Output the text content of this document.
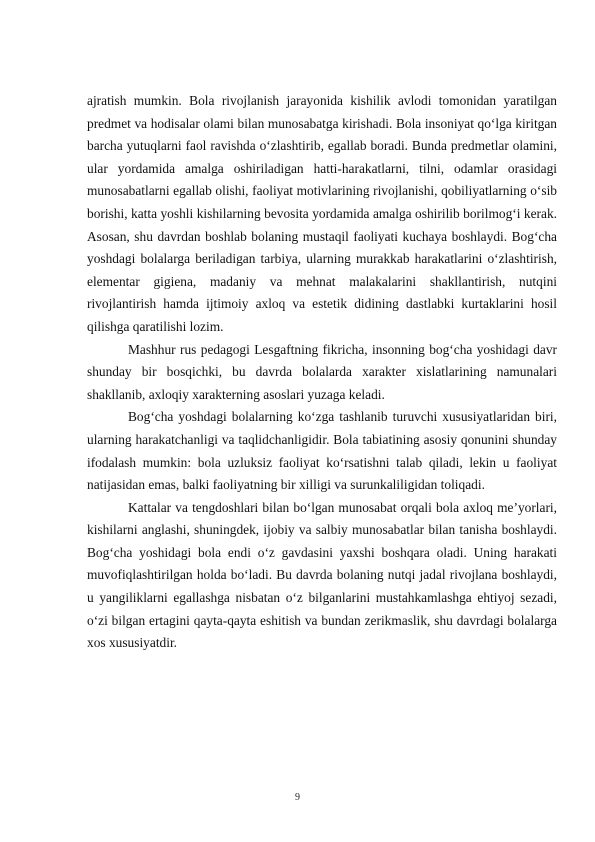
ajratish mumkin. Bola rivojlanish jarayonida kishilik avlodi tomonidan yaratilgan predmet va hodisalar olami bilan munosabatga kirishadi. Bola insoniyat qo‘lga kiritgan barcha yutuqlarni faol ravishda o‘zlashtirib, egallab boradi. Bunda predmetlar olamini, ular yordamida amalga oshiriladigan hatti-harakatlarni, tilni, odamlar orasidagi munosabatlarni egallab olishi, faoliyat motivlarining rivojlanishi, qobiliyatlarning o‘sib borishi, katta yoshli kishilarning bevosita yordamida amalga oshirilib borilmog‘i kerak. Asosan, shu davrdan boshlab bolaning mustaqil faoliyati kuchaya boshlaydi. Bog‘cha yoshdagi bolalarga beriladigan tarbiya, ularning murakkab harakatlarini o‘zlashtirish, elementar gigiena, madaniy va mehnat malakalarini shakllantirish, nutqini rivojlantirish hamda ijtimoiy axloq va estetik didining dastlabki kurtaklarini hosil qilishga qaratilishi lozim.

Mashhur rus pedagogi Lesgaftning fikricha, insonning bog‘cha yoshidagi davr shunday bir bosqichki, bu davrda bolalarda xarakter xislatlarining namunalari shakllanib, axloqiy xarakterning asoslari yuzaga keladi.

Bog‘cha yoshdagi bolalarning ko‘zga tashlanib turuvchi xususiyatlaridan biri, ularning harakatchanligi va taqlidchanligidir. Bola tabiatining asosiy qonunini shunday ifodalash mumkin: bola uzluksiz faoliyat ko‘rsatishni talab qiladi, lekin u faoliyat natijasidan emas, balki faoliyatning bir xilligi va surunkaliligidan toliqadi.

Kattalar va tengdoshlari bilan bo‘lgan munosabat orqali bola axloq me’yorlari, kishilarni anglashi, shuningdek, ijobiy va salbiy munosabatlar bilan tanisha boshlaydi. Bog‘cha yoshidagi bola endi o‘z gavdasini yaxshi boshqara oladi. Uning harakati muvofiqlashtirilgan holda bo‘ladi. Bu davrda bolaning nutqi jadal rivojlana boshlaydi, u yangiliklarni egallashga nisbatan o‘z bilganlarini mustahkamlashga ehtiyoj sezadi, o‘zi bilgan ertagini qayta-qayta eshitish va bundan zerikmaslik, shu davrdagi bolalarga xos xususiyatdir.

9
